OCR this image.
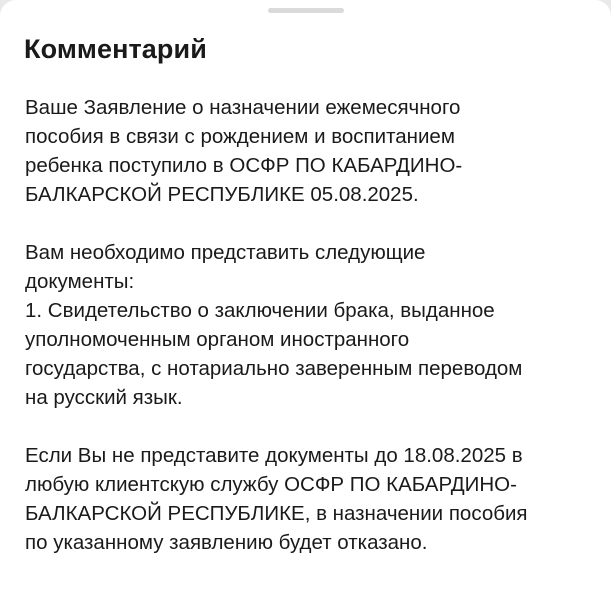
Комментарий

Ваше Заявление о назначении ежемесячного
пособия в связи с рождением и воспитанием
ребенка поступило в ОСФР ПО КАБАРДИНО-
БАЛКАРСКОЙ РЕСПУБЛИКЕ 05.08.2025.

Вам необходимо представить следующие
документы:
1. Свидетельство о заключении брака, выданное
уполномоченным органом иностранного
государства, с нотариально заверенным переводом
на русский язык.

Если Вы не представите документы до 18.08.2025 в
любую клиентскую службу ОСФР ПО КАБАРДИНО-
БАЛКАРСКОЙ РЕСПУБЛИКЕ, в назначении пособия
по указанному заявлению будет отказано.
